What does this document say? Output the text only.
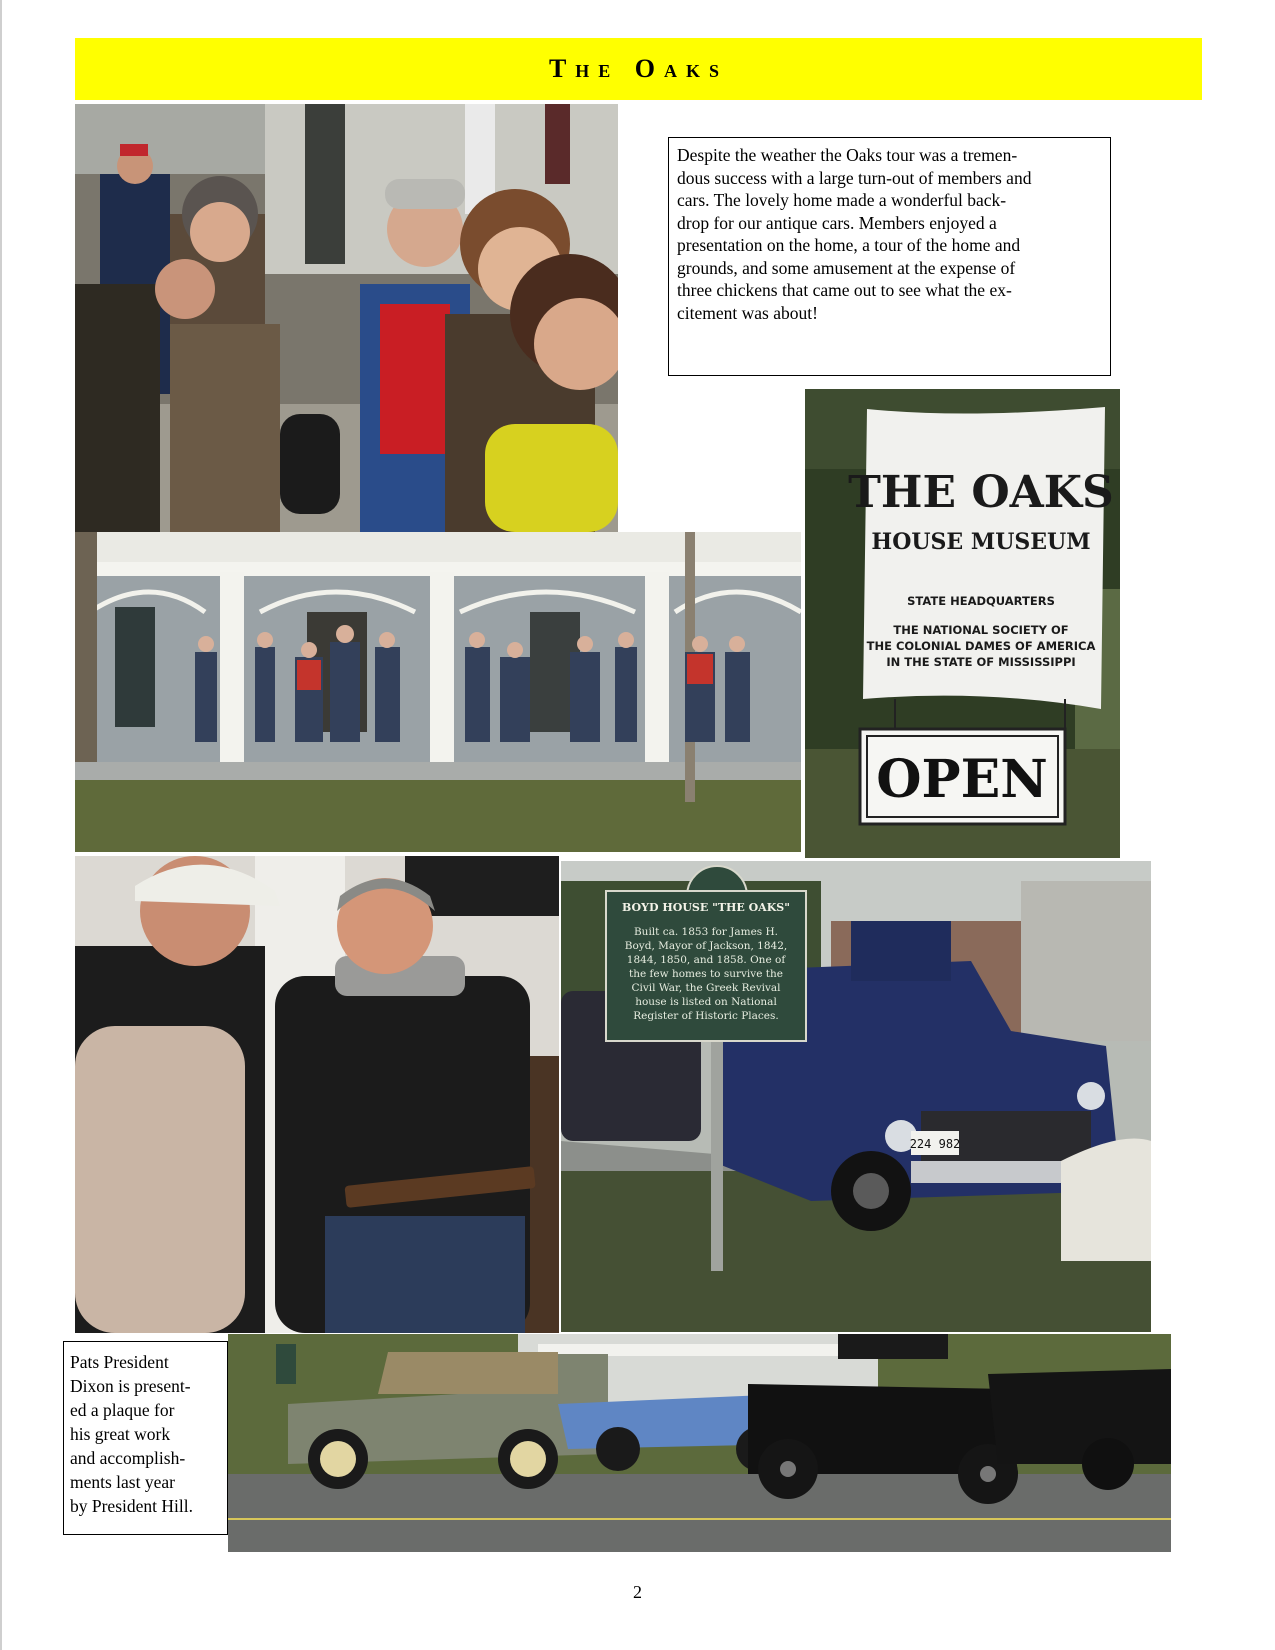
The Oaks
Despite the weather the Oaks tour was a tremen-
dous success with a large turn-out of members and
cars. The lovely home made a wonderful back-
drop for our antique cars. Members enjoyed a
presentation on the home, a tour of the home and
grounds, and some amusement at the expense of
three chickens that came out to see what the ex-
citement was about!
THE OAKS
HOUSE MUSEUM
STATE HEADQUARTERS
THE NATIONAL SOCIETY OF
THE COLONIAL DAMES OF AMERICA
IN THE STATE OF MISSISSIPPI
OPEN
224 982
BOYD HOUSE "THE OAKS"
Built ca. 1853 for James H.
Boyd, Mayor of Jackson, 1842,
1844, 1850, and 1858. One of
the few homes to survive the
Civil War, the Greek Revival
house is listed on National
Register of Historic Places.
Pats President
Dixon is present-
ed a plaque for
his great work
and accomplish-
ments last year
by President Hill.
2
